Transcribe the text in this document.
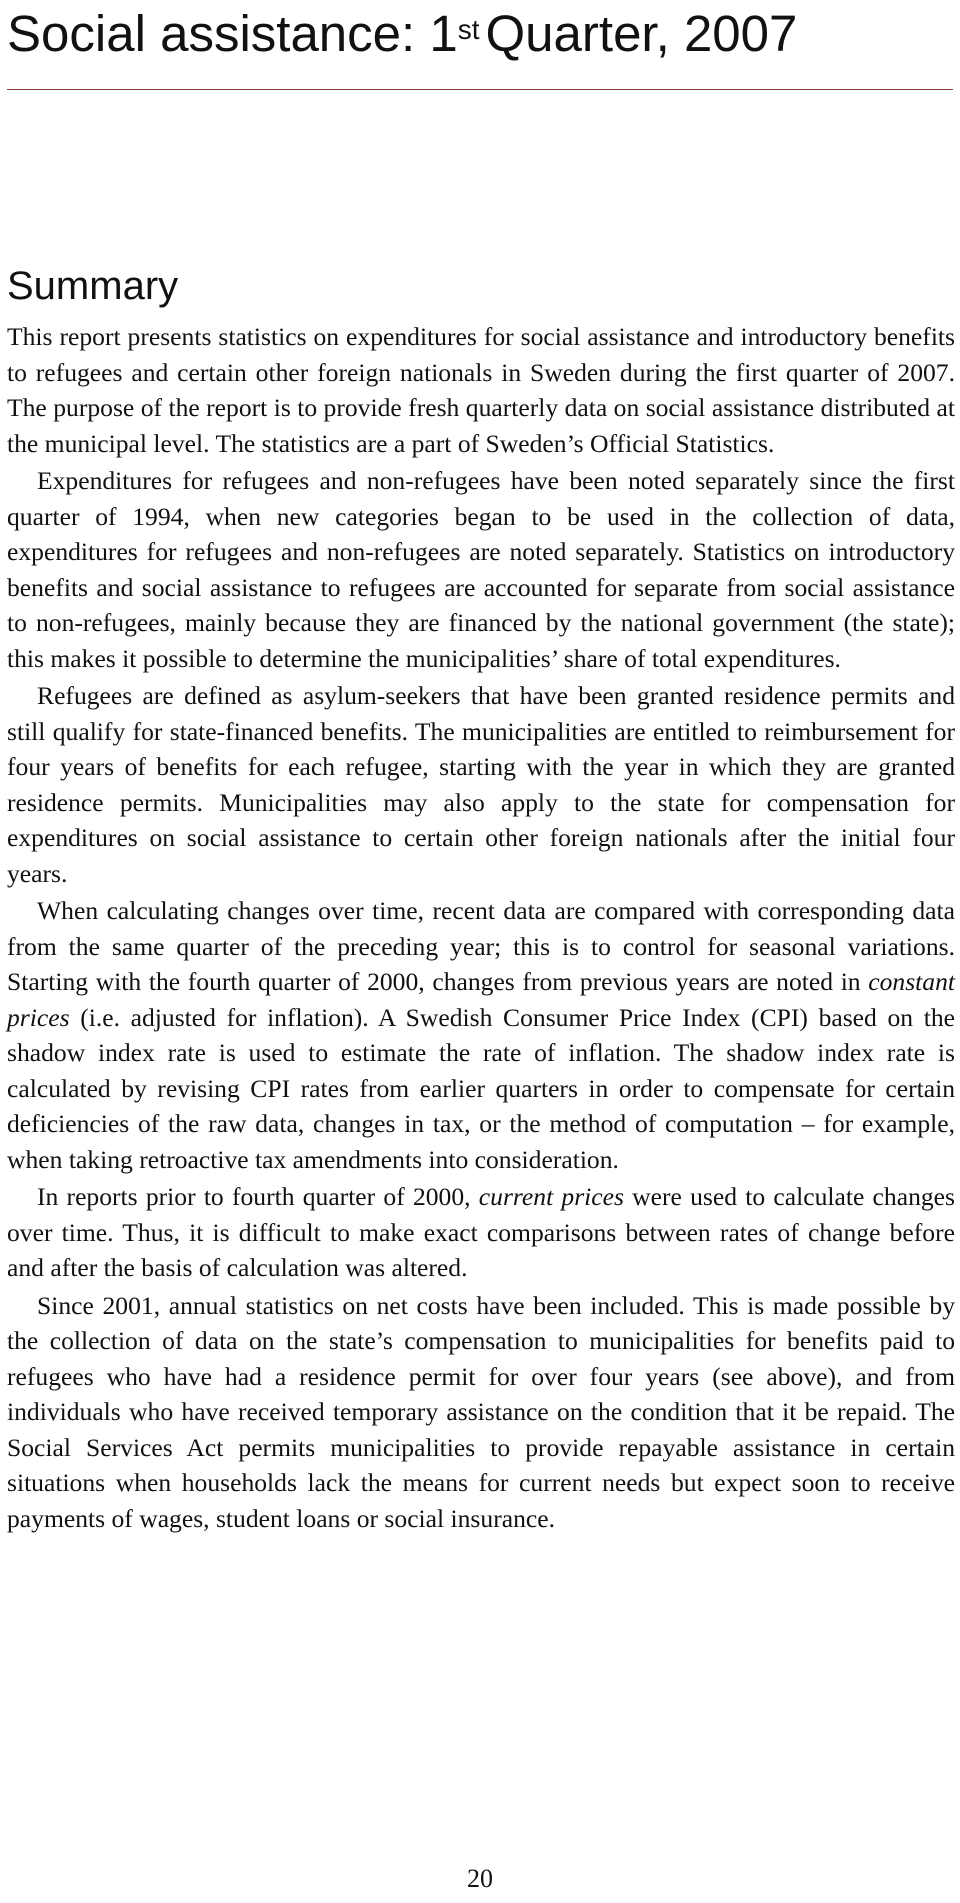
Social assistance: 1st Quarter, 2007
Summary

This report presents statistics on expenditures for social assistance and introductory benefits to refugees and certain other foreign nationals in Sweden during the first quarter of 2007. The purpose of the report is to provide fresh quarterly data on social assistance distributed at the municipal level. The statistics are a part of Sweden’s Official Statistics.

Expenditures for refugees and non-refugees have been noted separately since the first quarter of 1994, when new categories began to be used in the collection of data, expenditures for refugees and non-refugees are noted separately. Statistics on introductory benefits and social assistance to refugees are accounted for separate from social assistance to non-refugees, mainly because they are financed by the national government (the state); this makes it possible to determine the municipalities’ share of total expenditures.

Refugees are defined as asylum-seekers that have been granted residence permits and still qualify for state-financed benefits. The municipalities are entitled to reimbursement for four years of benefits for each refugee, starting with the year in which they are granted residence permits. Municipalities may also apply to the state for compensation for expenditures on social assistance to certain other foreign nationals after the initial four years.

When calculating changes over time, recent data are compared with corresponding data from the same quarter of the preceding year; this is to control for seasonal variations. Starting with the fourth quarter of 2000, changes from previous years are noted in constant prices (i.e. adjusted for inflation). A Swedish Consumer Price Index (CPI) based on the shadow index rate is used to estimate the rate of inflation. The shadow index rate is calculated by revising CPI rates from earlier quarters in order to compensate for certain deficiencies of the raw data, changes in tax, or the method of computation – for example, when taking retroactive tax amendments into consideration.

In reports prior to fourth quarter of 2000, current prices were used to calculate changes over time. Thus, it is difficult to make exact comparisons between rates of change before and after the basis of calculation was altered.

Since 2001, annual statistics on net costs have been included. This is made possible by the collection of data on the state’s compensation to municipalities for benefits paid to refugees who have had a residence permit for over four years (see above), and from individuals who have received temporary assistance on the condition that it be repaid. The Social Services Act permits municipalities to provide repayable assistance in certain situations when households lack the means for current needs but expect soon to receive payments of wages, student loans or social insurance.

20
